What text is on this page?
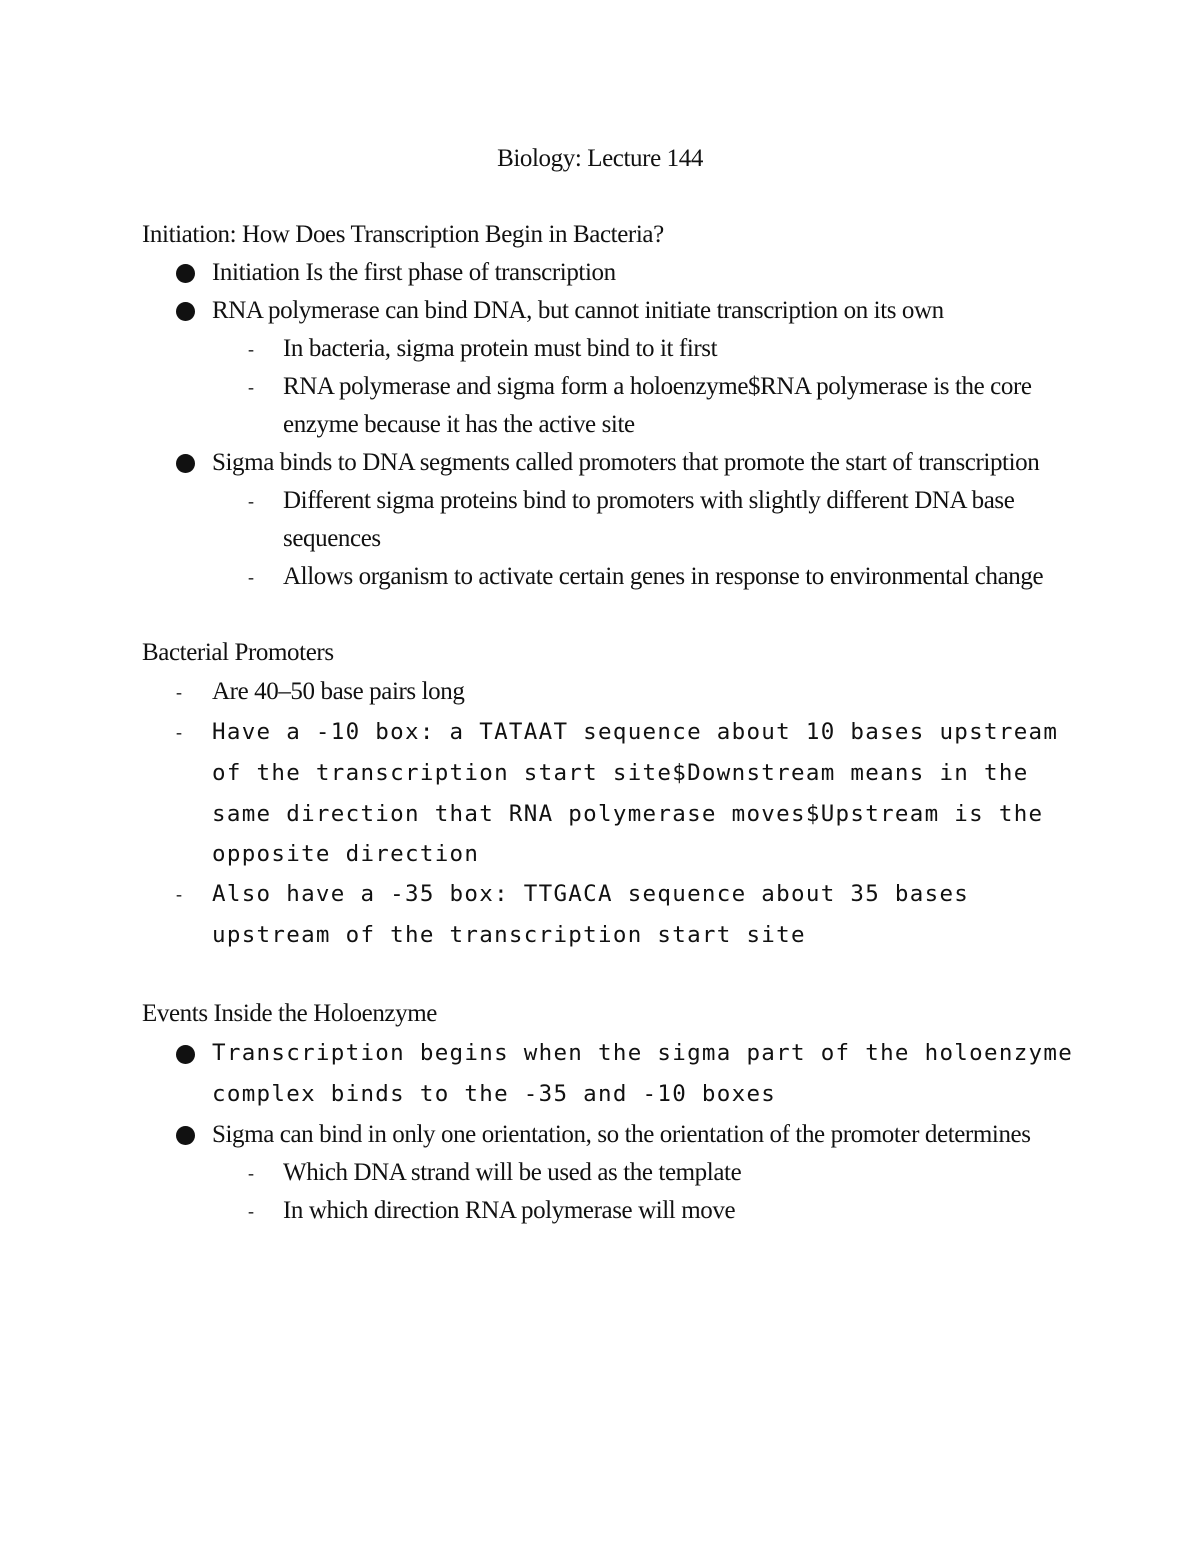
Biology: Lecture 144
Initiation: How Does Transcription Begin in Bacteria?
Initiation Is the first phase of transcription
RNA polymerase can bind DNA, but cannot initiate transcription on its own
- In bacteria, sigma protein must bind to it first
- RNA polymerase and sigma form a holoenzyme$RNA polymerase is the core
enzyme because it has the active site
Sigma binds to DNA segments called promoters that promote the start of transcription
- Different sigma proteins bind to promoters with slightly different DNA base
sequences
- Allows organism to activate certain genes in response to environmental change
Bacterial Promoters
- Are 40–50 base pairs long
- Have a -10 box: a TATAAT sequence about 10 bases upstream
of the transcription start site$Downstream means in the
same direction that RNA polymerase moves$Upstream is the
opposite direction
- Also have a -35 box: TTGACA sequence about 35 bases
upstream of the transcription start site
Events Inside the Holoenzyme
Transcription begins when the sigma part of the holoenzyme
complex binds to the -35 and -10 boxes
Sigma can bind in only one orientation, so the orientation of the promoter determines
- Which DNA strand will be used as the template
- In which direction RNA polymerase will move
